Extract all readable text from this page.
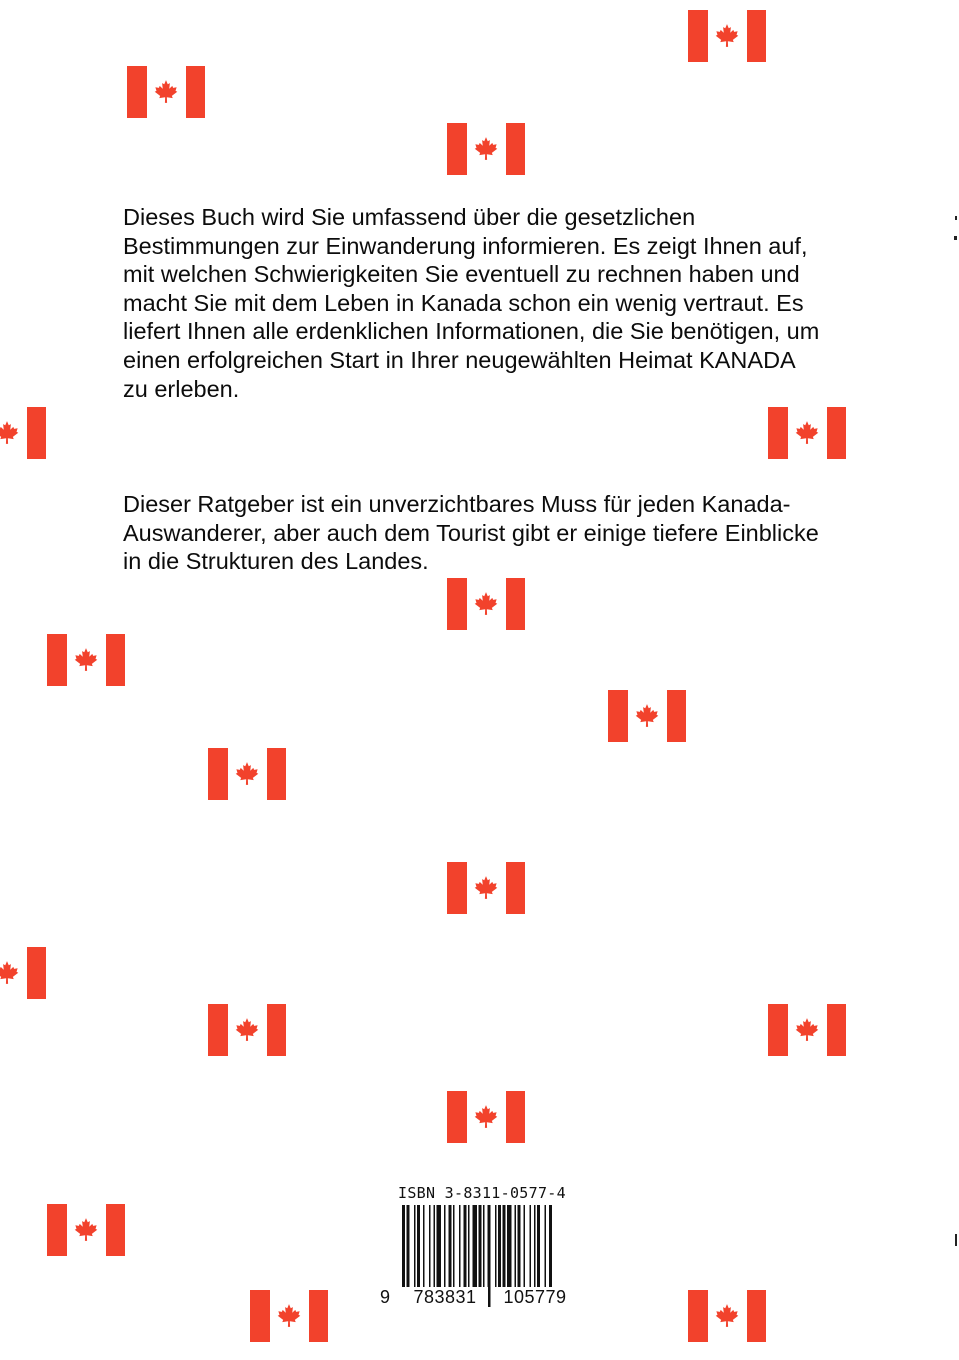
Dieses Buch wird Sie umfassend über die gesetzlichen Bestimmungen zur Einwanderung informieren. Es zeigt Ihnen auf, mit welchen Schwierigkeiten Sie eventuell zu rechnen haben und macht Sie mit dem Leben in Kanada schon ein wenig vertraut. Es liefert Ihnen alle erdenklichen Informationen, die Sie benötigen, um einen erfolgreichen Start in Ihrer neugewählten Heimat KANADA zu erleben.
Dieser Ratgeber ist ein unverzichtbares Muss für jeden Kanada-Auswanderer, aber auch dem Tourist gibt er einige tiefere Einblicke in die Strukturen des Landes.
ISBN 3-8311-0577-4
9	783831	105779
